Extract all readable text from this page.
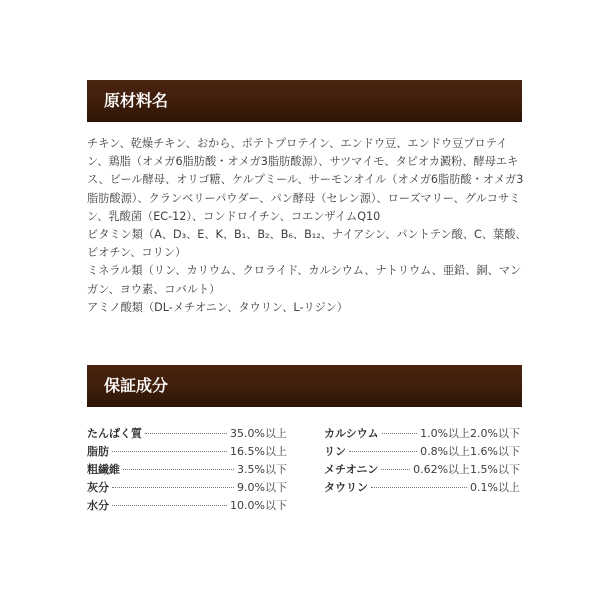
原材料名

チキン、乾燥チキン、おから、ポテトプロテイン、エンドウ豆、エンドウ豆プロテイン、鶏脂（オメガ6脂肪酸・オメガ3脂肪酸源）、サツマイモ、タピオカ澱粉、酵母エキス、ビール酵母、オリゴ糖、ケルプミール、サーモンオイル（オメガ6脂肪酸・オメガ3脂肪酸源）、クランベリーパウダー、パン酵母（セレン源）、ローズマリー、グルコサミン、乳酸菌（EC-12）、コンドロイチン、コエンザイムQ10

ビタミン類（A、D₃、E、K、B₁、B₂、B₆、B₁₂、ナイアシン、パントテン酸、C、葉酸、ビオチン、コリン）

ミネラル類（リン、カリウム、クロライド、カルシウム、ナトリウム、亜鉛、銅、マンガン、ヨウ素、コバルト）

アミノ酸類（DL-メチオニン、タウリン、L-リジン）

保証成分
たんぱく質	35.0%以上
脂肪	16.5%以上
粗繊維	3.5%以下
灰分	9.0%以下
水分	10.0%以下
カルシウム	1.0%以上2.0%以下
リン	0.8%以上1.6%以下
メチオニン	0.62%以上1.5%以下
タウリン	0.1%以上
